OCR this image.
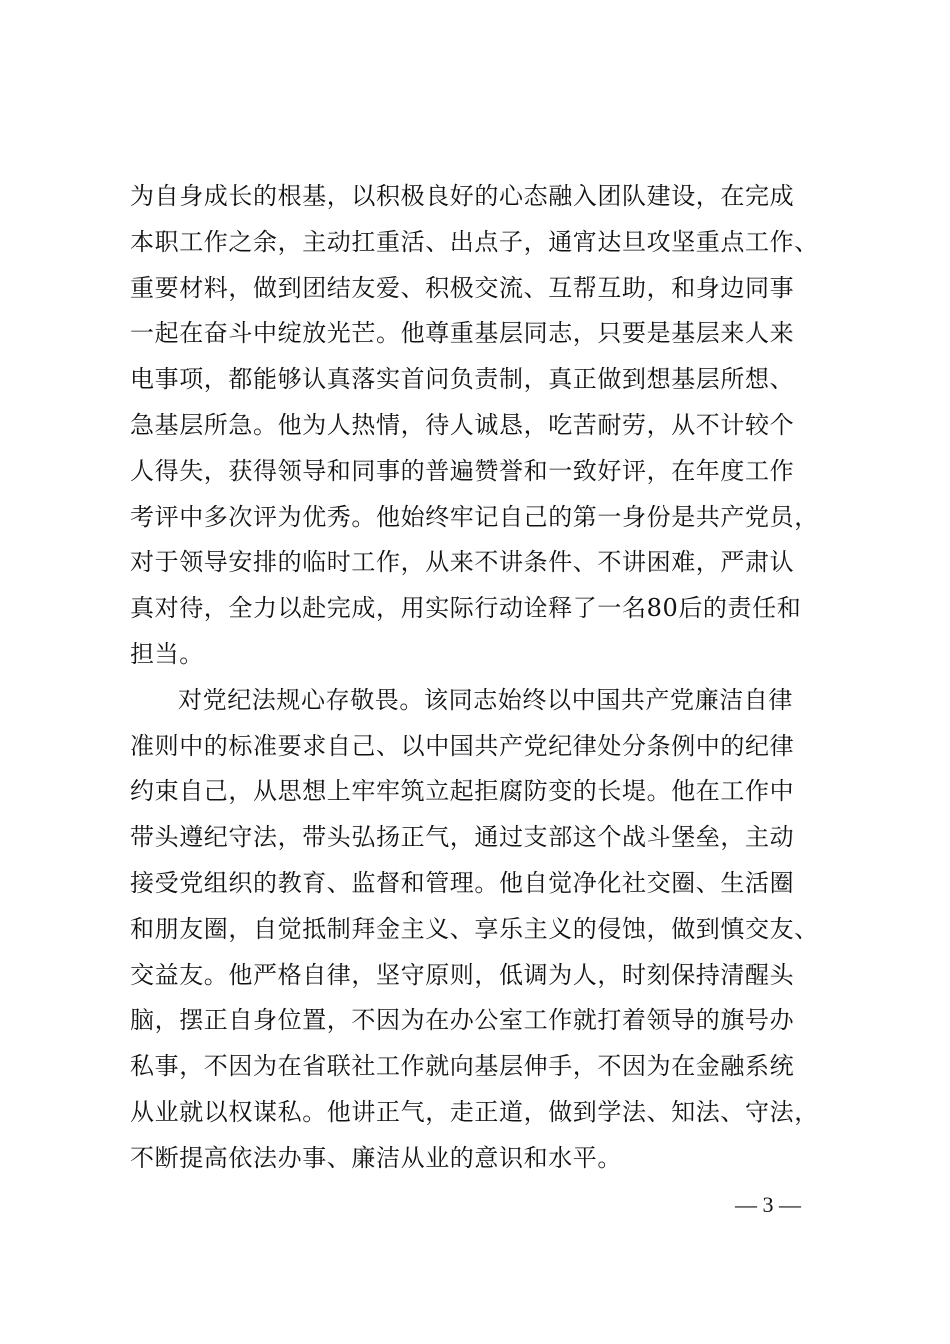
为自身成长的根基，以积极良好的心态融入团队建设，在完成
本职工作之余，主动扛重活、出点子，通宵达旦攻坚重点工作、
重要材料，做到团结友爱、积极交流、互帮互助，和身边同事
一起在奋斗中绽放光芒。他尊重基层同志，只要是基层来人来
电事项，都能够认真落实首问负责制，真正做到想基层所想、
急基层所急。他为人热情，待人诚恳，吃苦耐劳，从不计较个
人得失，获得领导和同事的普遍赞誉和一致好评，在年度工作
考评中多次评为优秀。他始终牢记自己的第一身份是共产党员，
对于领导安排的临时工作，从来不讲条件、不讲困难，严肃认
真对待，全力以赴完成，用实际行动诠释了一名80后的责任和
担当。
对党纪法规心存敬畏。该同志始终以中国共产党廉洁自律
准则中的标准要求自己、以中国共产党纪律处分条例中的纪律
约束自己，从思想上牢牢筑立起拒腐防变的长堤。他在工作中
带头遵纪守法，带头弘扬正气，通过支部这个战斗堡垒，主动
接受党组织的教育、监督和管理。他自觉净化社交圈、生活圈
和朋友圈，自觉抵制拜金主义、享乐主义的侵蚀，做到慎交友、
交益友。他严格自律，坚守原则，低调为人，时刻保持清醒头
脑，摆正自身位置，不因为在办公室工作就打着领导的旗号办
私事，不因为在省联社工作就向基层伸手，不因为在金融系统
从业就以权谋私。他讲正气，走正道，做到学法、知法、守法，
不断提高依法办事、廉洁从业的意识和水平。
— 3 —
